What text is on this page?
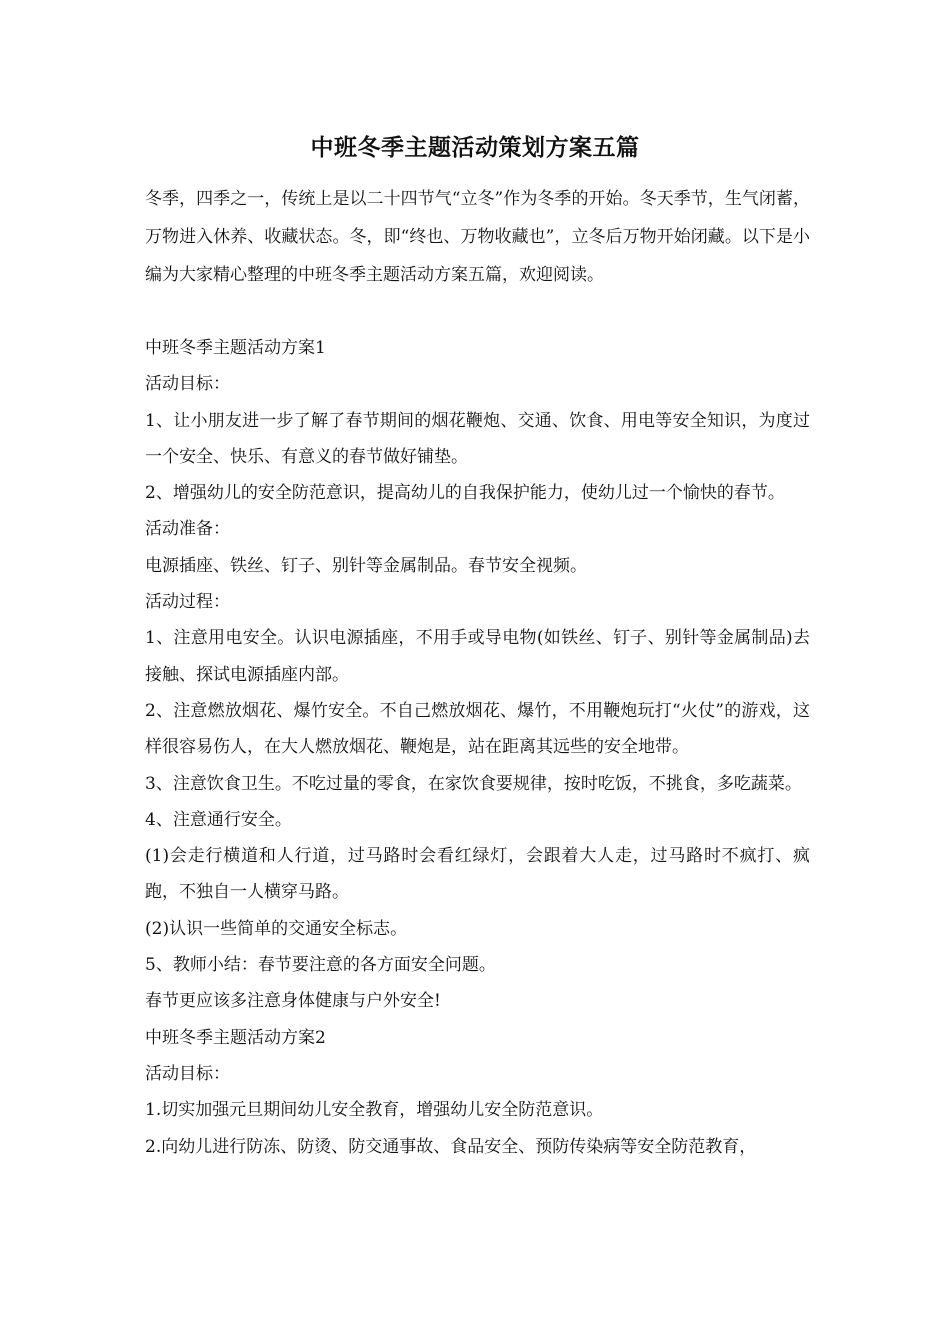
中班冬季主题活动策划方案五篇

冬季，四季之一，传统上是以二十四节气“立冬”作为冬季的开始。冬天季节，生气闭蓄，万物进入休养、收藏状态。冬，即“终也、万物收藏也”，立冬后万物开始闭藏。以下是小编为大家精心整理的中班冬季主题活动方案五篇，欢迎阅读。

中班冬季主题活动方案1

活动目标：

1、让小朋友进一步了解了春节期间的烟花鞭炮、交通、饮食、用电等安全知识，为度过一个安全、快乐、有意义的春节做好铺垫。

2、增强幼儿的安全防范意识，提高幼儿的自我保护能力，使幼儿过一个愉快的春节。

活动准备：

电源插座、铁丝、钉子、别针等金属制品。春节安全视频。

活动过程：

1、注意用电安全。认识电源插座，不用手或导电物(如铁丝、钉子、别针等金属制品)去接触、探试电源插座内部。

2、注意燃放烟花、爆竹安全。不自己燃放烟花、爆竹，不用鞭炮玩打“火仗”的游戏，这样很容易伤人，在大人燃放烟花、鞭炮是，站在距离其远些的安全地带。

3、注意饮食卫生。不吃过量的零食，在家饮食要规律，按时吃饭，不挑食，多吃蔬菜。

4、注意通行安全。

(1)会走行横道和人行道，过马路时会看红绿灯，会跟着大人走，过马路时不疯打、疯跑，不独自一人横穿马路。

(2)认识一些简单的交通安全标志。

5、教师小结：春节要注意的各方面安全问题。

春节更应该多注意身体健康与户外安全!

中班冬季主题活动方案2

活动目标：

1.切实加强元旦期间幼儿安全教育，增强幼儿安全防范意识。

2.向幼儿进行防冻、防烫、防交通事故、食品安全、预防传染病等安全防范教育，
